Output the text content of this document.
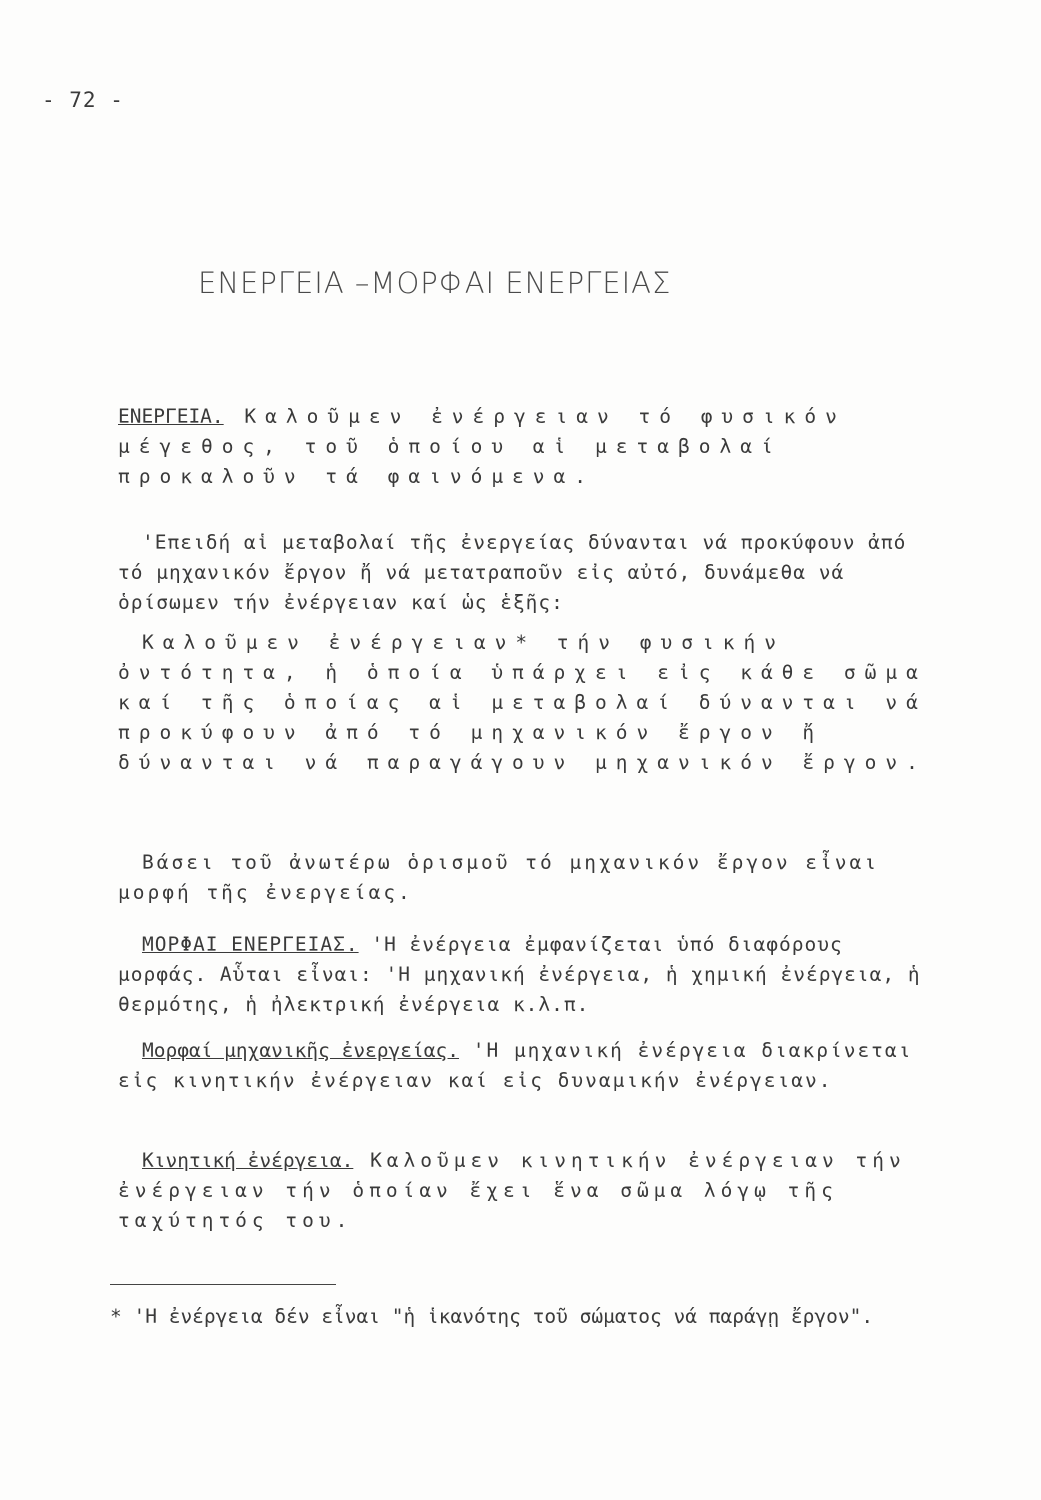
- 72 -
ΕΝΕΡΓΕΙΑ –ΜΟΡΦΑΙ ΕΝΕΡΓΕΙΑΣ
ΕΝΕΡΓΕΙΑ. Καλοῦμεν ἐνέργειαν τό φυσικόν μέγεθος, τοῦ ὁποίου αἱ μεταβολαί προκαλοῦν τά φαινόμενα.
'Επειδή αἱ μεταβολαί τῆς ἐνεργείας δύνανται νά προκύφουν ἀπό τό μηχανικόν ἔργον ἤ νά μετατραποῦν εἰς αὐτό, δυνάμεθα νά ὁρίσωμεν τήν ἐνέργειαν καί ὡς ἑξῆς:
Καλοῦμεν ἐνέργειαν* τήν φυσικήν ὀντότητα, ἡ ὁποία ὑπάρχει εἰς κάθε σῶμα καί τῆς ὁποίας αἱ μεταβολαί δύνανται νά προκύφουν ἀπό τό μηχανικόν ἔργον ἤ δύνανται νά παραγάγουν μηχανικόν ἔργον.
Βάσει τοῦ ἀνωτέρω ὁρισμοῦ τό μηχανικόν ἔργον εἶναι μορφή τῆς ἐνεργείας.
ΜΟΡΦΑΙ ΕΝΕΡΓΕΙΑΣ. 'Η ἐνέργεια ἐμφανίζεται ὑπό διαφόρους μορφάς. Αὗται εἶναι: 'Η μηχανική ἐνέργεια, ἡ χημική ἐνέργεια, ἡ θερμότης, ἡ ἠλεκτρική ἐνέργεια κ.λ.π.
Μορφαί μηχανικῆς ἐνεργείας. 'Η μηχανική ἐνέργεια διακρίνεται εἰς κινητικήν ἐνέργειαν καί εἰς δυναμικήν ἐνέργειαν.
Κινητική ἐνέργεια. Καλοῦμεν κινητικήν ἐνέργειαν τήν ἐνέργειαν τήν ὁποίαν ἔχει ἕνα σῶμα λόγῳ τῆς ταχύτητός του.
* 'Η ἐνέργεια δέν εἶναι "ἡ ἱκανότης τοῦ σώματος νά παράγῃ ἔργον".
